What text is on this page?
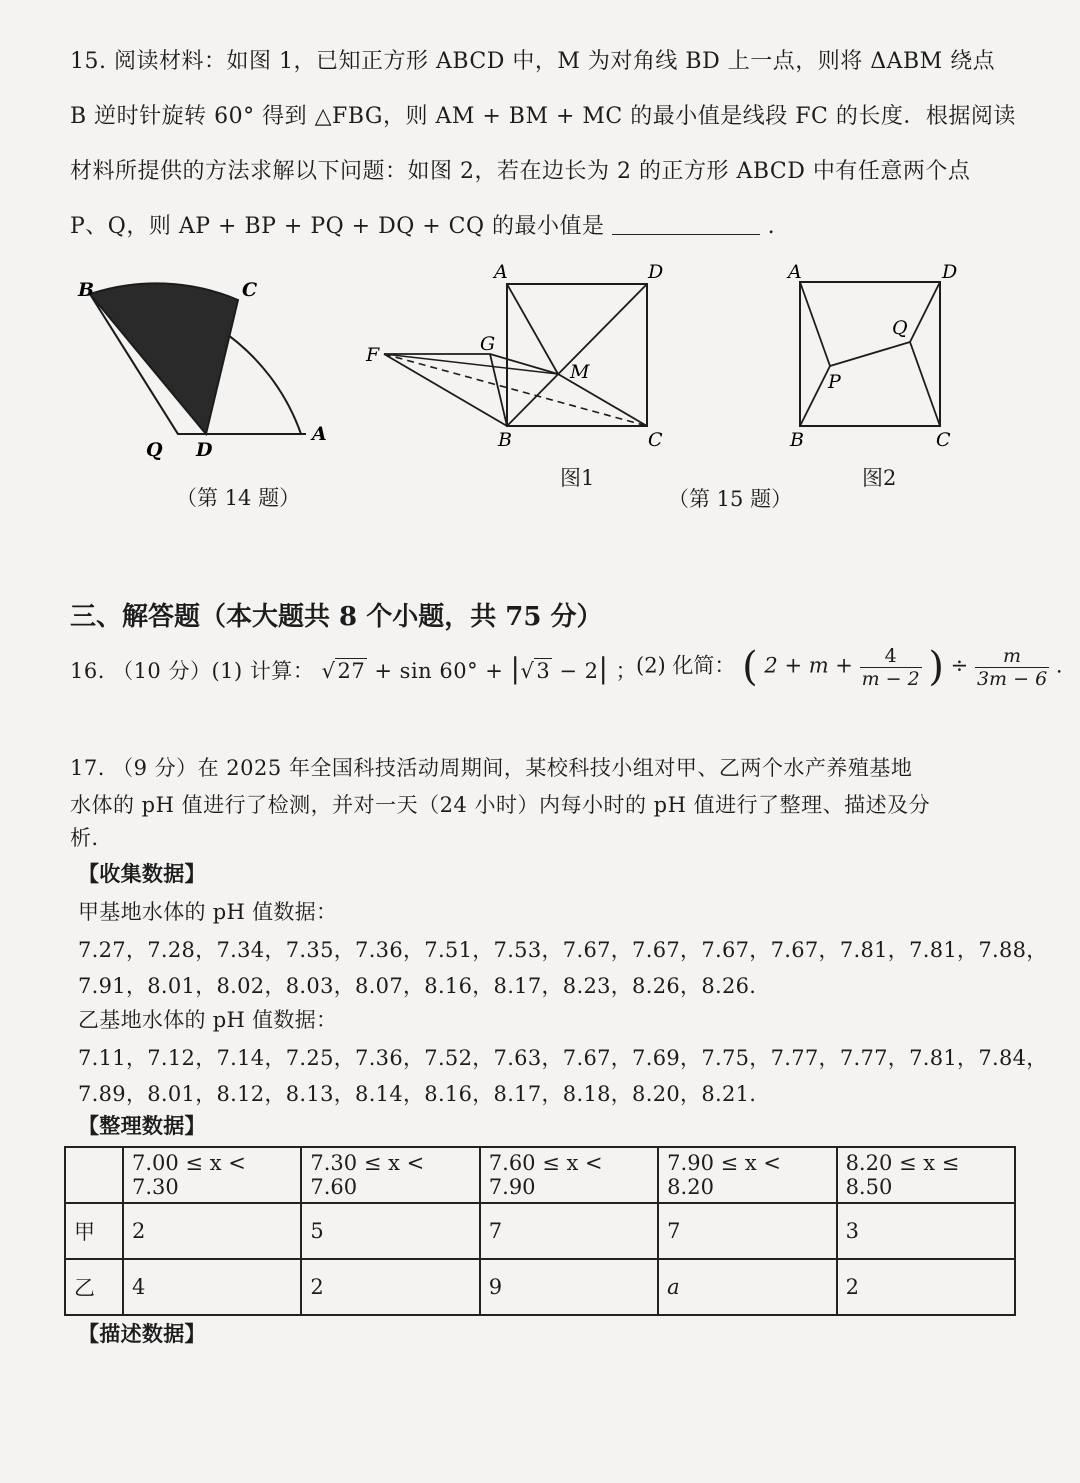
15. 阅读材料：如图 1，已知正方形 ABCD 中，M 为对角线 BD 上一点，则将 ΔABM 绕点
B 逆时针旋转 60° 得到 △FBG，则 AM + BM + MC 的最小值是线段 FC 的长度．根据阅读
材料所提供的方法求解以下问题：如图 2，若在边长为 2 的正方形 ABCD 中有任意两个点
P、Q，则 AP + BP + PQ + DQ + CQ 的最小值是	.
B	C
Q D
A
（第 14 题）
A	D
G
F
M
B	C
图1
（第 15 题）
A	D
Q
P
B	C
图2
三、解答题（本大题共 8 个小题，共 75 分）
16. （10 分）(1) 计算： √27 + sin 60° + |√3 − 2| ；
(2) 化简： ( $2 + m + \frac{4}{m - 2}$ ) ÷ $\frac{m}{3m - 6}$ .
17. （9 分）在 2025 年全国科技活动周期间，某校科技小组对甲、乙两个水产养殖基地
水体的 pH 值进行了检测，并对一天（24 小时）内每小时的 pH 值进行了整理、描述及分
析．
【收集数据】
甲基地水体的 pH 值数据：
7.27，7.28，7.34，7.35，7.36，7.51，7.53，7.67，7.67，7.67，7.67，7.81，7.81，7.88，
7.91，8.01，8.02，8.03，8.07，8.16，8.17，8.23，8.26，8.26.
乙基地水体的 pH 值数据：
7.11，7.12，7.14，7.25，7.36，7.52，7.63，7.67，7.69，7.75，7.77，7.77，7.81，7.84，
7.89，8.01，8.12，8.13，8.14，8.16，8.17，8.18，8.20，8.21.
【整理数据】
	7.00 ≤ x < 7.30	7.30 ≤ x < 7.60	7.60 ≤ x < 7.90	7.90 ≤ x < 8.20	8.20 ≤ x ≤ 8.50
甲	2	5	7	7	3
乙	4	2	9	a	2
【描述数据】
